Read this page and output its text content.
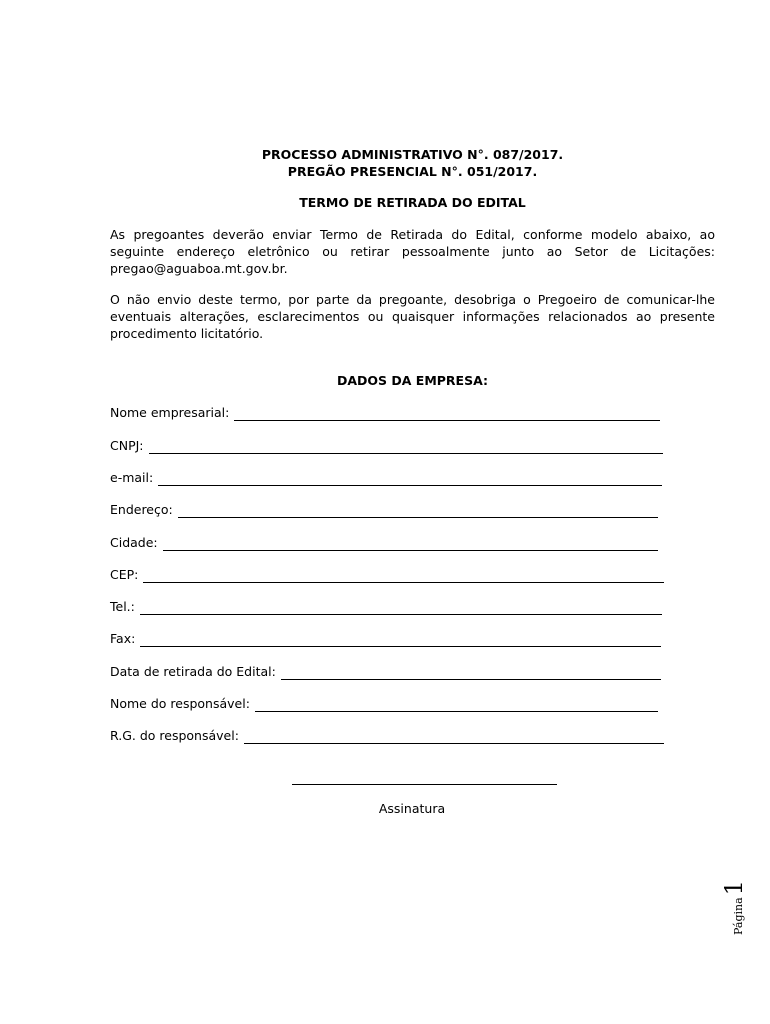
PROCESSO ADMINISTRATIVO N°. 087/2017.
PREGÃO PRESENCIAL N°. 051/2017.
TERMO DE RETIRADA DO EDITAL
As pregoantes deverão enviar Termo de Retirada do Edital, conforme modelo abaixo, ao seguinte endereço eletrônico ou retirar pessoalmente junto ao Setor de Licitações: pregao@aguaboa.mt.gov.br.
O não envio deste termo, por parte da pregoante, desobriga o Pregoeiro de comunicar-lhe eventuais alterações, esclarecimentos ou quaisquer informações relacionados ao presente procedimento licitatório.
DADOS DA EMPRESA:
Nome empresarial:
CNPJ:
e-mail:
Endereço:
Cidade:
CEP:
Tel.:
Fax:
Data de retirada do Edital:
Nome do responsável:
R.G. do responsável:
Assinatura
Página
1
